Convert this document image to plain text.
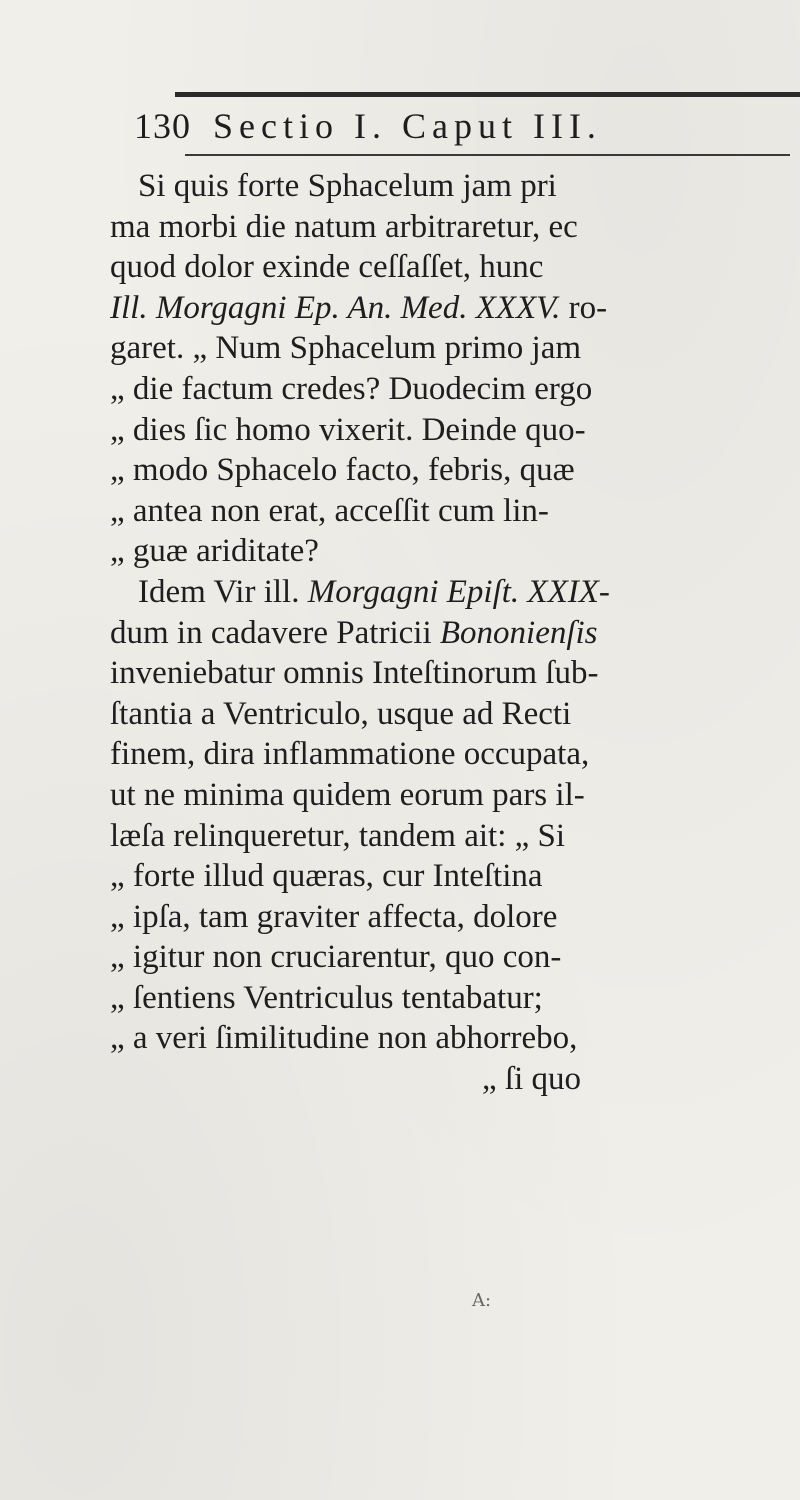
130 Sectio I. Caput III.
Si quis forte Sphacelum jam pri
ma morbi die natum arbitraretur, ec
quod dolor exinde ceſſaſſet, hunc
Ill. Morgagni Ep. An. Med. XXXV. ro-
garet. „ Num Sphacelum primo jam
„ die factum credes? Duodecim ergo
„ dies ſic homo vixerit. Deinde quo-
„ modo Sphacelo facto, febris, quæ
„ antea non erat, acceſſit cum lin-
„ guæ ariditate?
Idem Vir ill. Morgagni Epiſt. XXIX-
dum in cadavere Patricii Bononienſis
inveniebatur omnis Inteſtinorum ſub-
ſtantia a Ventriculo, usque ad Recti
finem, dira inflammatione occupata,
ut ne minima quidem eorum pars il-
læſa relinqueretur, tandem ait: „ Si
„ forte illud quæras, cur Inteſtina
„ ipſa, tam graviter affecta, dolore
„ igitur non cruciarentur, quo con-
„ ſentiens Ventriculus tentabatur;
„ a veri ſimilitudine non abhorrebo,
„ ſi quo
A:
